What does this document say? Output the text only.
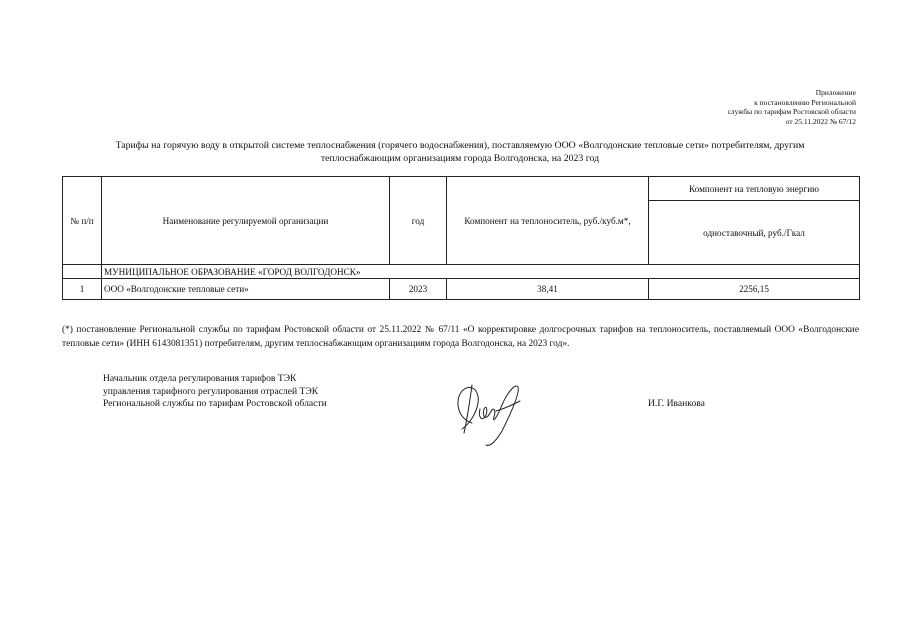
Приложение
к постановлению Региональной
службы по тарифам Ростовской области
от 25.11.2022 № 67/12
Тарифы на горячую воду в открытой системе теплоснабжения (горячего водоснабжения), поставляемую ООО «Волгодонские тепловые сети» потребителям, другим
теплоснабжающим организациям города Волгодонска, на 2023 год
№ п/п	Наименование регулируемой организации	год	Компонент на теплоноситель, руб./куб.м*,	Компонент на тепловую энергию
				одноставочный, руб./Гкал
	МУНИЦИПАЛЬНОЕ ОБРАЗОВАНИЕ «ГОРОД ВОЛГОДОНСК»			
1	ООО «Волгодонские тепловые сети»	2023	38,41	2256,15
(*) постановление Региональной службы по тарифам Ростовской области от 25.11.2022 № 67/11 «О корректировке долгосрочных тарифов на теплоноситель, поставляемый ООО «Волгодонские тепловые сети» (ИНН 6143081351) потребителям, другим теплоснабжающим организациям города Волгодонска, на 2023 год».
Начальник отдела регулирования тарифов ТЭК
управления тарифного регулирования отраслей ТЭК
Региональной службы по тарифам Ростовской области	И.Г. Иванкова
